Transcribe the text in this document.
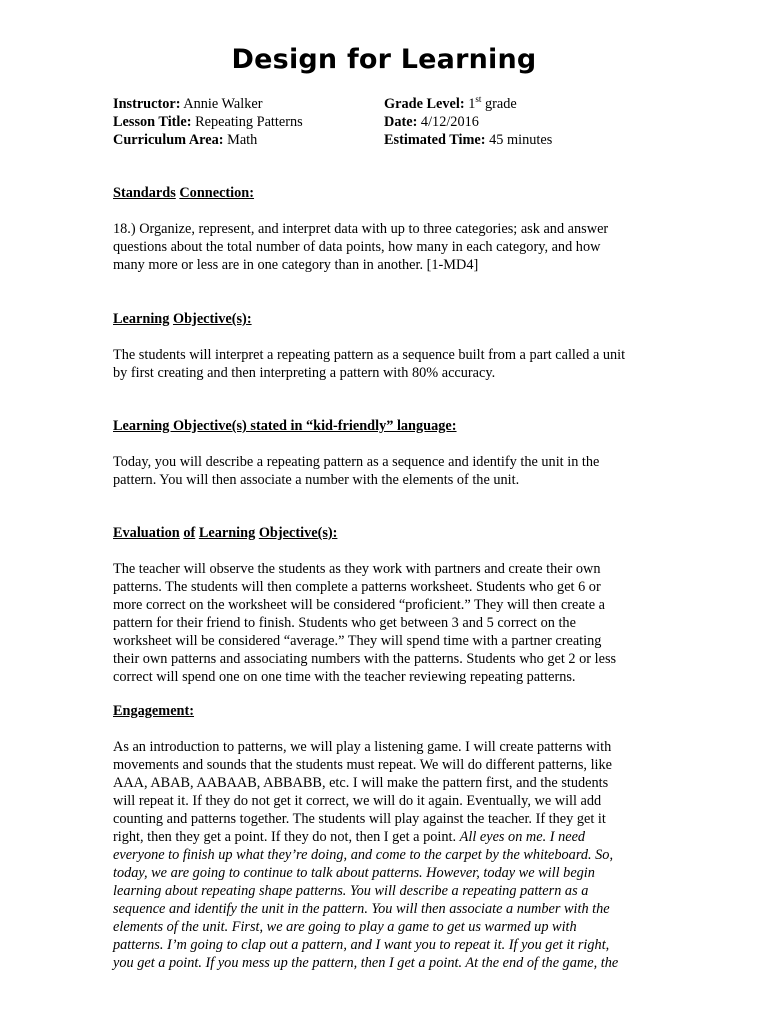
Design for Learning
Instructor: Annie Walker
Lesson Title: Repeating Patterns
Curriculum Area: Math
Grade Level: 1st grade
Date: 4/12/2016
Estimated Time: 45 minutes
Standards Connection:
18.) Organize, represent, and interpret data with up to three categories; ask and answer
questions about the total number of data points, how many in each category, and how
many more or less are in one category than in another. [1-MD4]
Learning Objective(s):
The students will interpret a repeating pattern as a sequence built from a part called a unit
by first creating and then interpreting a pattern with 80% accuracy.
Learning Objective(s) stated in “kid-friendly” language:
Today, you will describe a repeating pattern as a sequence and identify the unit in the
pattern. You will then associate a number with the elements of the unit.
Evaluation of Learning Objective(s):
The teacher will observe the students as they work with partners and create their own
patterns. The students will then complete a patterns worksheet. Students who get 6 or
more correct on the worksheet will be considered “proficient.” They will then create a
pattern for their friend to finish. Students who get between 3 and 5 correct on the
worksheet will be considered “average.” They will spend time with a partner creating
their own patterns and associating numbers with the patterns. Students who get 2 or less
correct will spend one on one time with the teacher reviewing repeating patterns.
Engagement:
As an introduction to patterns, we will play a listening game. I will create patterns with
movements and sounds that the students must repeat. We will do different patterns, like
AAA, ABAB, AABAAB, ABBABB, etc. I will make the pattern first, and the students
will repeat it. If they do not get it correct, we will do it again. Eventually, we will add
counting and patterns together. The students will play against the teacher. If they get it
right, then they get a point. If they do not, then I get a point. All eyes on me. I need
everyone to finish up what they’re doing, and come to the carpet by the whiteboard. So,
today, we are going to continue to talk about patterns. However, today we will begin
learning about repeating shape patterns. You will describe a repeating pattern as a
sequence and identify the unit in the pattern. You will then associate a number with the
elements of the unit. First, we are going to play a game to get us warmed up with
patterns. I’m going to clap out a pattern, and I want you to repeat it. If you get it right,
you get a point. If you mess up the pattern, then I get a point. At the end of the game, the
